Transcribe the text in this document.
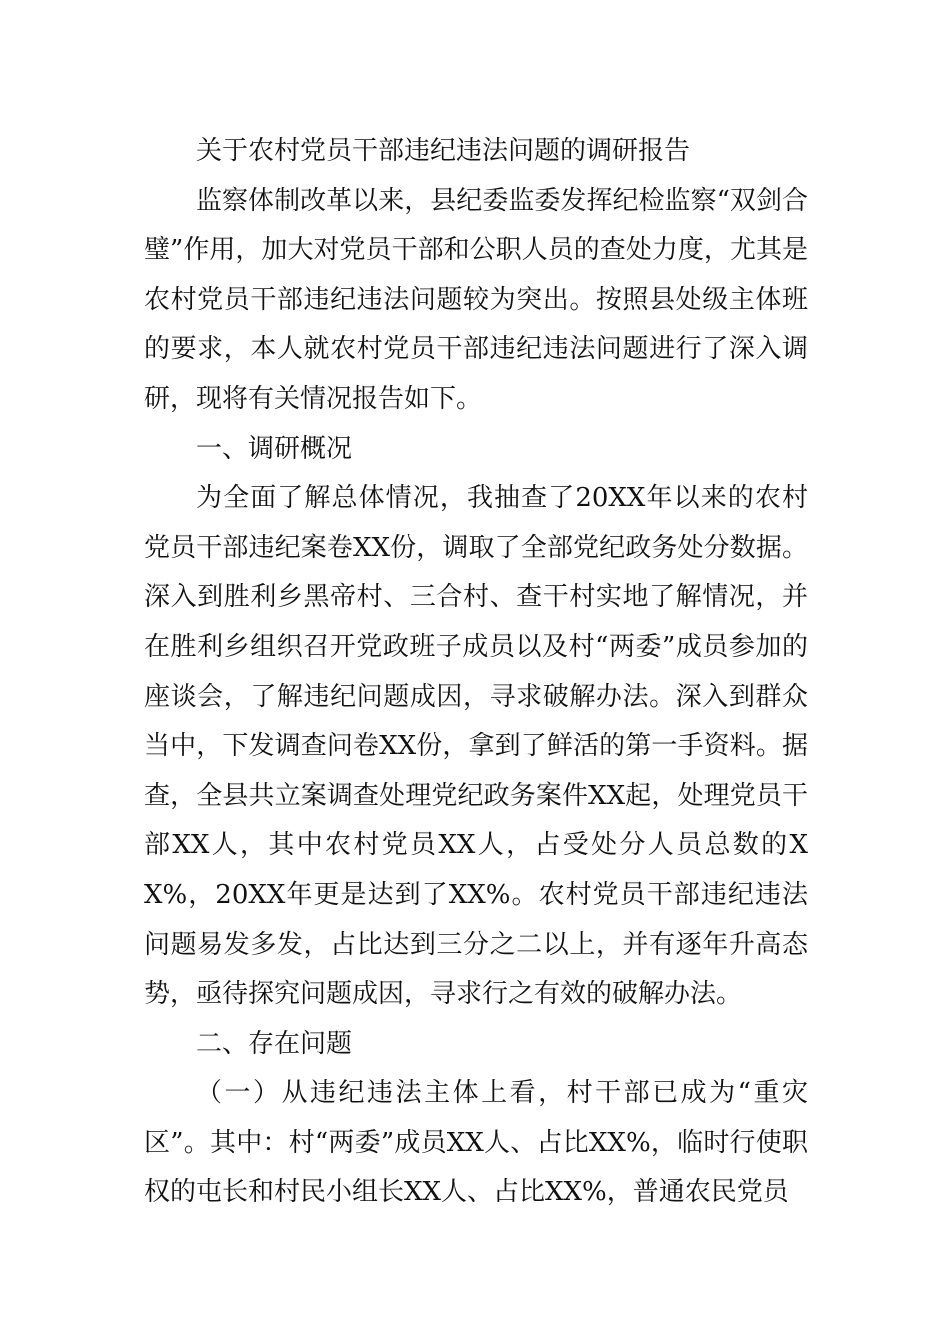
关于农村党员干部违纪违法问题的调研报告

监察体制改革以来，县纪委监委发挥纪检监察“双剑合璧”作用，加大对党员干部和公职人员的查处力度，尤其是农村党员干部违纪违法问题较为突出。按照县处级主体班的要求，本人就农村党员干部违纪违法问题进行了深入调研，现将有关情况报告如下。

一、调研概况

为全面了解总体情况，我抽查了20XX年以来的农村党员干部违纪案卷XX份，调取了全部党纪政务处分数据。深入到胜利乡黑帝村、三合村、查干村实地了解情况，并在胜利乡组织召开党政班子成员以及村“两委”成员参加的座谈会，了解违纪问题成因，寻求破解办法。深入到群众当中，下发调查问卷XX份，拿到了鲜活的第一手资料。据查，全县共立案调查处理党纪政务案件XX起，处理党员干部XX人，其中农村党员XX人，占受处分人员总数的XX%，20XX年更是达到了XX%。农村党员干部违纪违法问题易发多发，占比达到三分之二以上，并有逐年升高态势，亟待探究问题成因，寻求行之有效的破解办法。

二、存在问题

（一）从违纪违法主体上看，村干部已成为“重灾区”。其中：村“两委”成员XX人、占比XX%，临时行使职权的屯长和村民小组长XX人、占比XX%，普通农民党员
